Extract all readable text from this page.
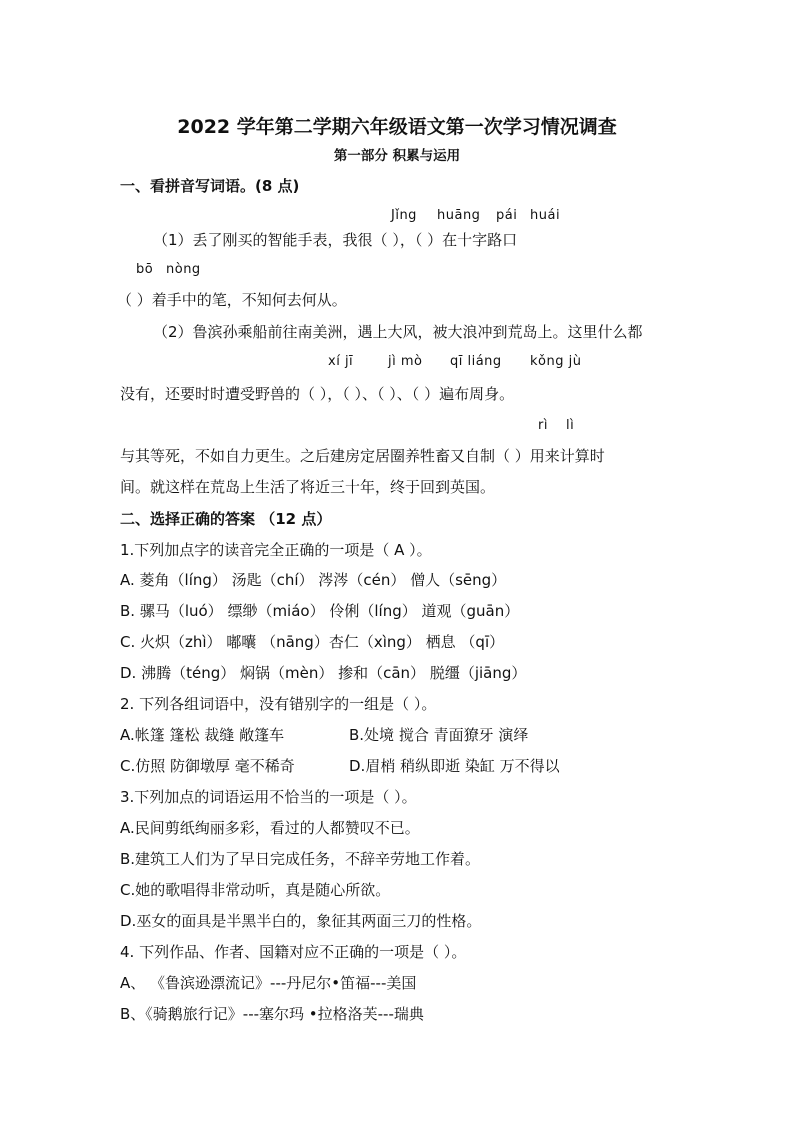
2022 学年第二学期六年级语文第一次学习情况调查
第一部分 积累与运用
一、看拼音写词语。(8 点)
Jǐng huāng pái huái
（1）丢了刚买的智能手表，我很（ ），（ ）在十字路口
bō nòng
（ ）着手中的笔，不知何去何从。
（2）鲁滨孙乘船前往南美洲，遇上大风，被大浪冲到荒岛上。这里什么都
xí jī	jì mò qī liáng kǒng jù
没有，还要时时遭受野兽的（ ），（ ）、（ ）、（ ）遍布周身。
rì lì
与其等死，不如自力更生。之后建房定居圈养牲畜又自制（ ）用来计算时
间。就这样在荒岛上生活了将近三十年，终于回到英国。
二、选择正确的答案 （12 点）
1.下列加点字的读音完全正确的一项是（ A ）。
A. 菱角（líng） 汤匙（chí） 涔涔（cén） 僧人（sēng）
B. 骡马（luó） 缥缈（miáo） 伶俐（líng） 道观（guān）
C. 火炽（zhì） 嘟囔 （nāng）杏仁（xìng） 栖息 （qī）
D. 沸腾（téng） 焖锅（mèn） 掺和（cān） 脱缰（jiāng）
2. 下列各组词语中，没有错别字的一组是（ ）。
A.帐篷 篷松 裁缝 敞篷车	B.处境 搅合 青面獠牙 演绎
C.仿照 防御墩厚 毫不稀奇	D.眉梢 稍纵即逝 染缸 万不得以
3.下列加点的词语运用不恰当的一项是（ ）。
A.民间剪纸绚丽多彩，看过的人都赞叹不已。
B.建筑工人们为了早日完成任务，不辞辛劳地工作着。
C.她的歌唱得非常动听，真是随心所欲。
D.巫女的面具是半黑半白的，象征其两面三刀的性格。
4. 下列作品、作者、国籍对应不正确的一项是（ ）。
A、 《鲁滨逊漂流记》---丹尼尔•笛福---美国
B、《骑鹅旅行记》---塞尔玛 •拉格洛芙---瑞典
